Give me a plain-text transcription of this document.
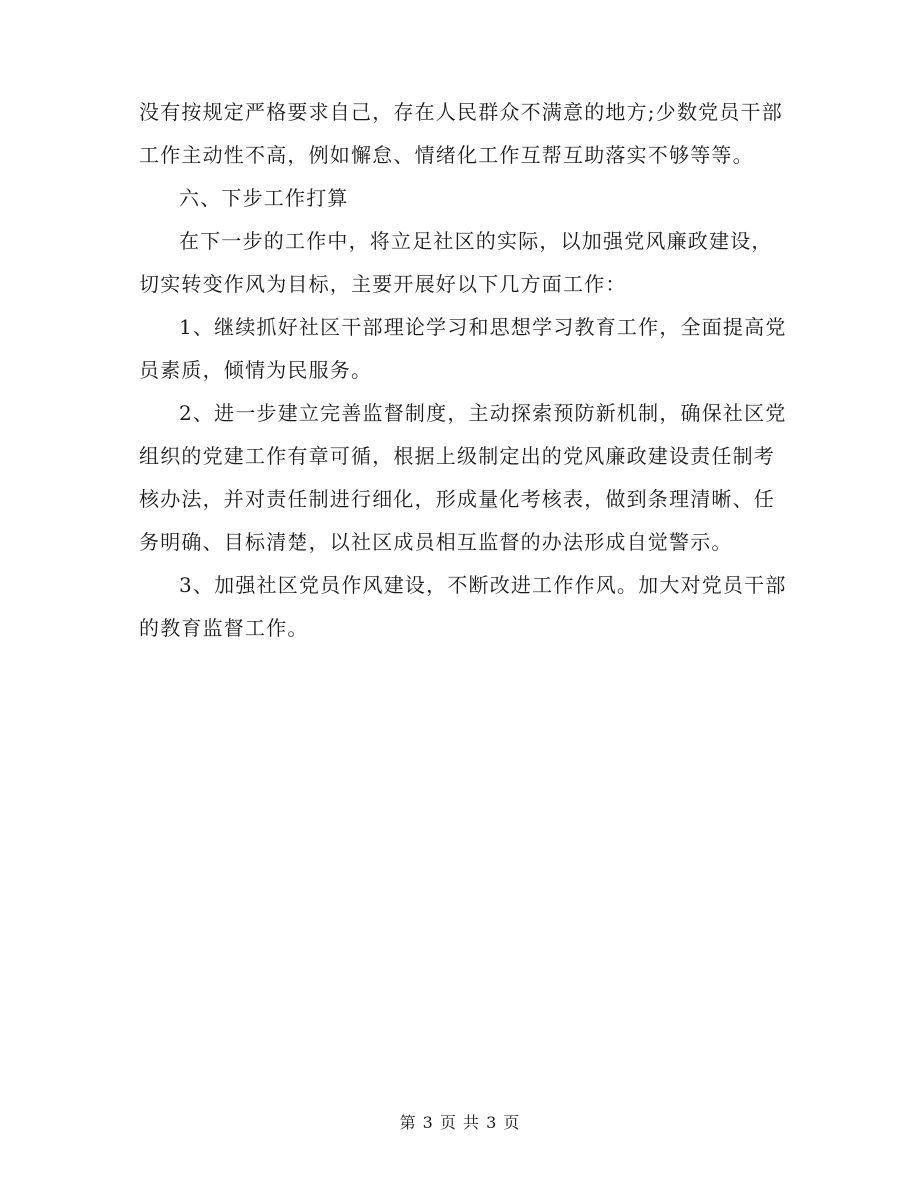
没有按规定严格要求自己，存在人民群众不满意的地方;少数党员干部
工作主动性不高，例如懈怠、情绪化工作互帮互助落实不够等等。
六、下步工作打算
在下一步的工作中，将立足社区的实际，以加强党风廉政建设，
切实转变作风为目标，主要开展好以下几方面工作：
1、继续抓好社区干部理论学习和思想学习教育工作，全面提高党
员素质，倾情为民服务。
2、进一步建立完善监督制度，主动探索预防新机制，确保社区党
组织的党建工作有章可循，根据上级制定出的党风廉政建设责任制考
核办法，并对责任制进行细化，形成量化考核表，做到条理清晰、任
务明确、目标清楚，以社区成员相互监督的办法形成自觉警示。
3、加强社区党员作风建设，不断改进工作作风。加大对党员干部
的教育监督工作。
第 3 页 共 3 页
